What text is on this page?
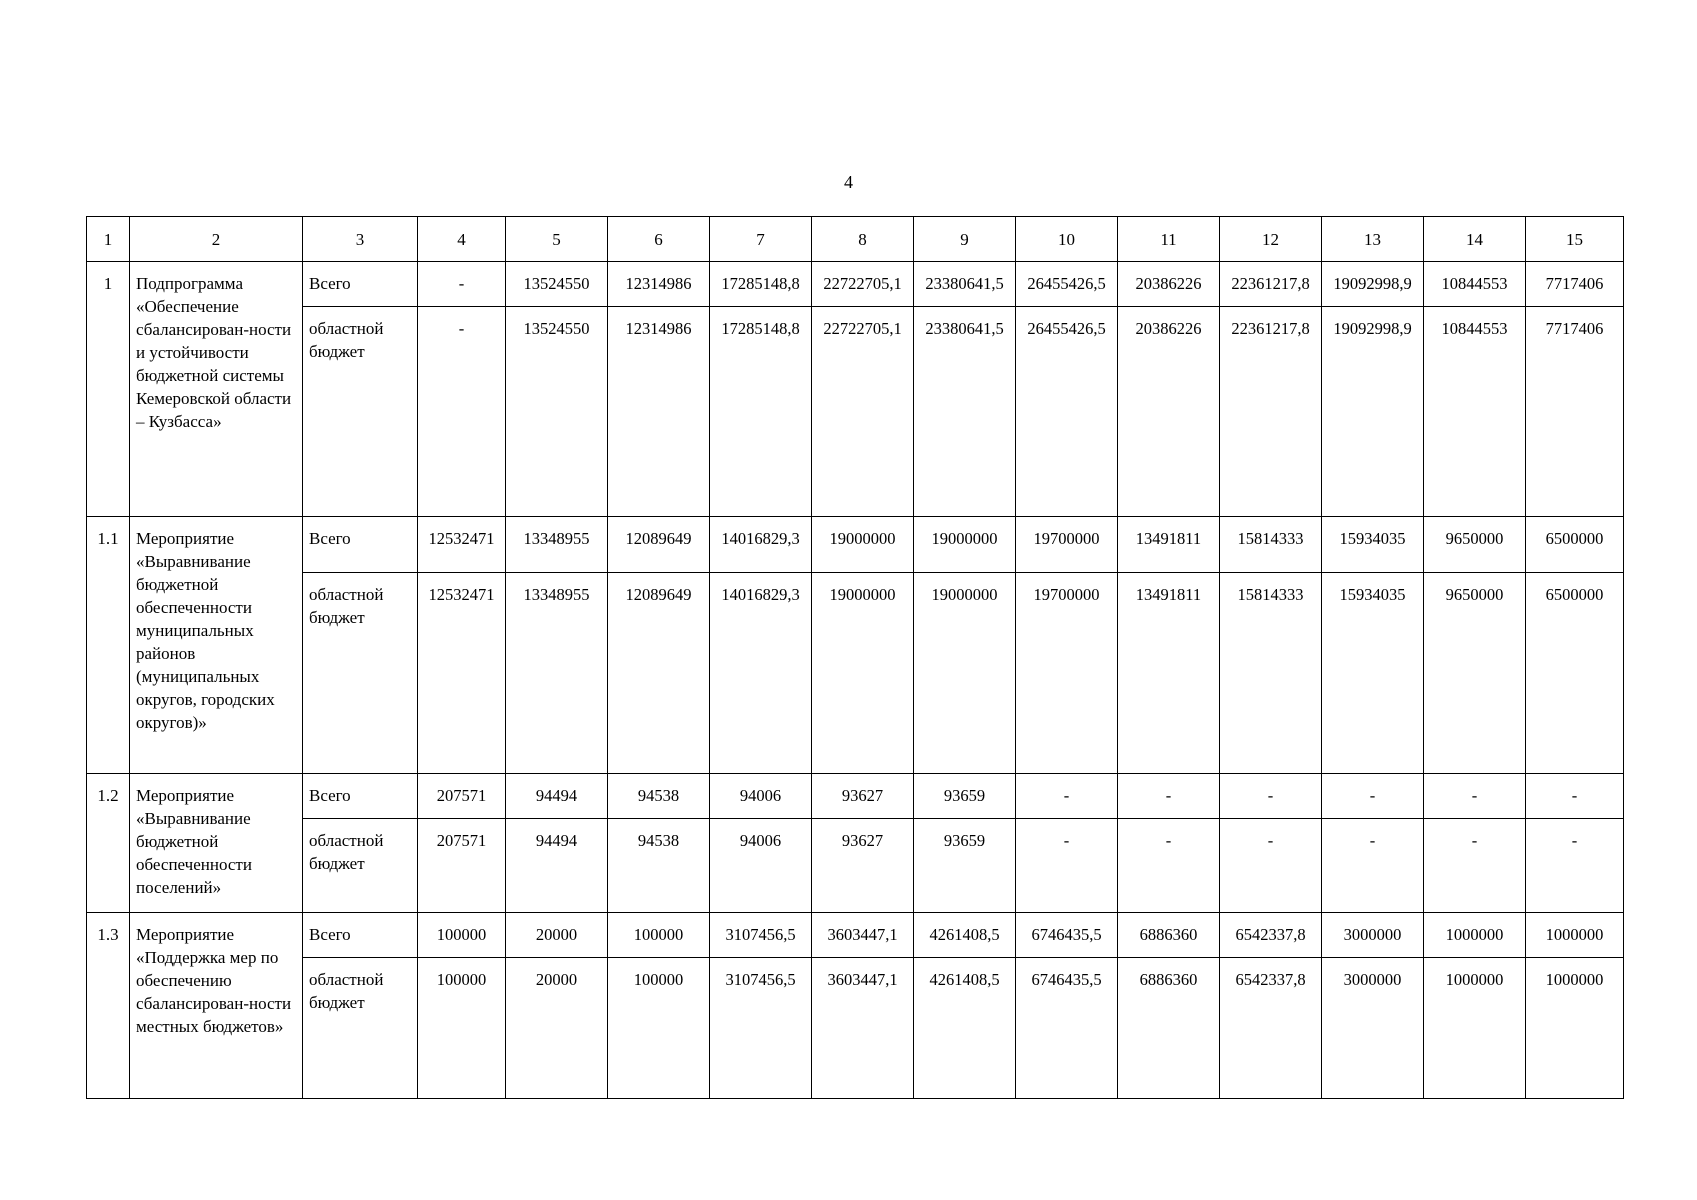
4
1	2	3	4	5	6	7	8	9	10	11	12	13	14	15
1	Подпрограмма «Обеспечение сбалансирован-ности и устойчивости бюджетной системы Кемеровской области – Кузбасса»	Всего	-	13524550	12314986	17285148,8	22722705,1	23380641,5	26455426,5	20386226	22361217,8	19092998,9	10844553	7717406
		областной бюджет	-	13524550	12314986	17285148,8	22722705,1	23380641,5	26455426,5	20386226	22361217,8	19092998,9	10844553	7717406
1.1	Мероприятие «Выравнивание бюджетной обеспеченности муниципальных районов (муниципальных округов, городских округов)»	Всего	12532471	13348955	12089649	14016829,3	19000000	19000000	19700000	13491811	15814333	15934035	9650000	6500000
		областной бюджет	12532471	13348955	12089649	14016829,3	19000000	19000000	19700000	13491811	15814333	15934035	9650000	6500000
1.2	Мероприятие «Выравнивание бюджетной обеспеченности поселений»	Всего	207571	94494	94538	94006	93627	93659	-	-	-	-	-	-
		областной бюджет	207571	94494	94538	94006	93627	93659	-	-	-	-	-	-
1.3	Мероприятие «Поддержка мер по обеспечению сбалансирован-ности местных бюджетов»	Всего	100000	20000	100000	3107456,5	3603447,1	4261408,5	6746435,5	6886360	6542337,8	3000000	1000000	1000000
		областной бюджет	100000	20000	100000	3107456,5	3603447,1	4261408,5	6746435,5	6886360	6542337,8	3000000	1000000	1000000
